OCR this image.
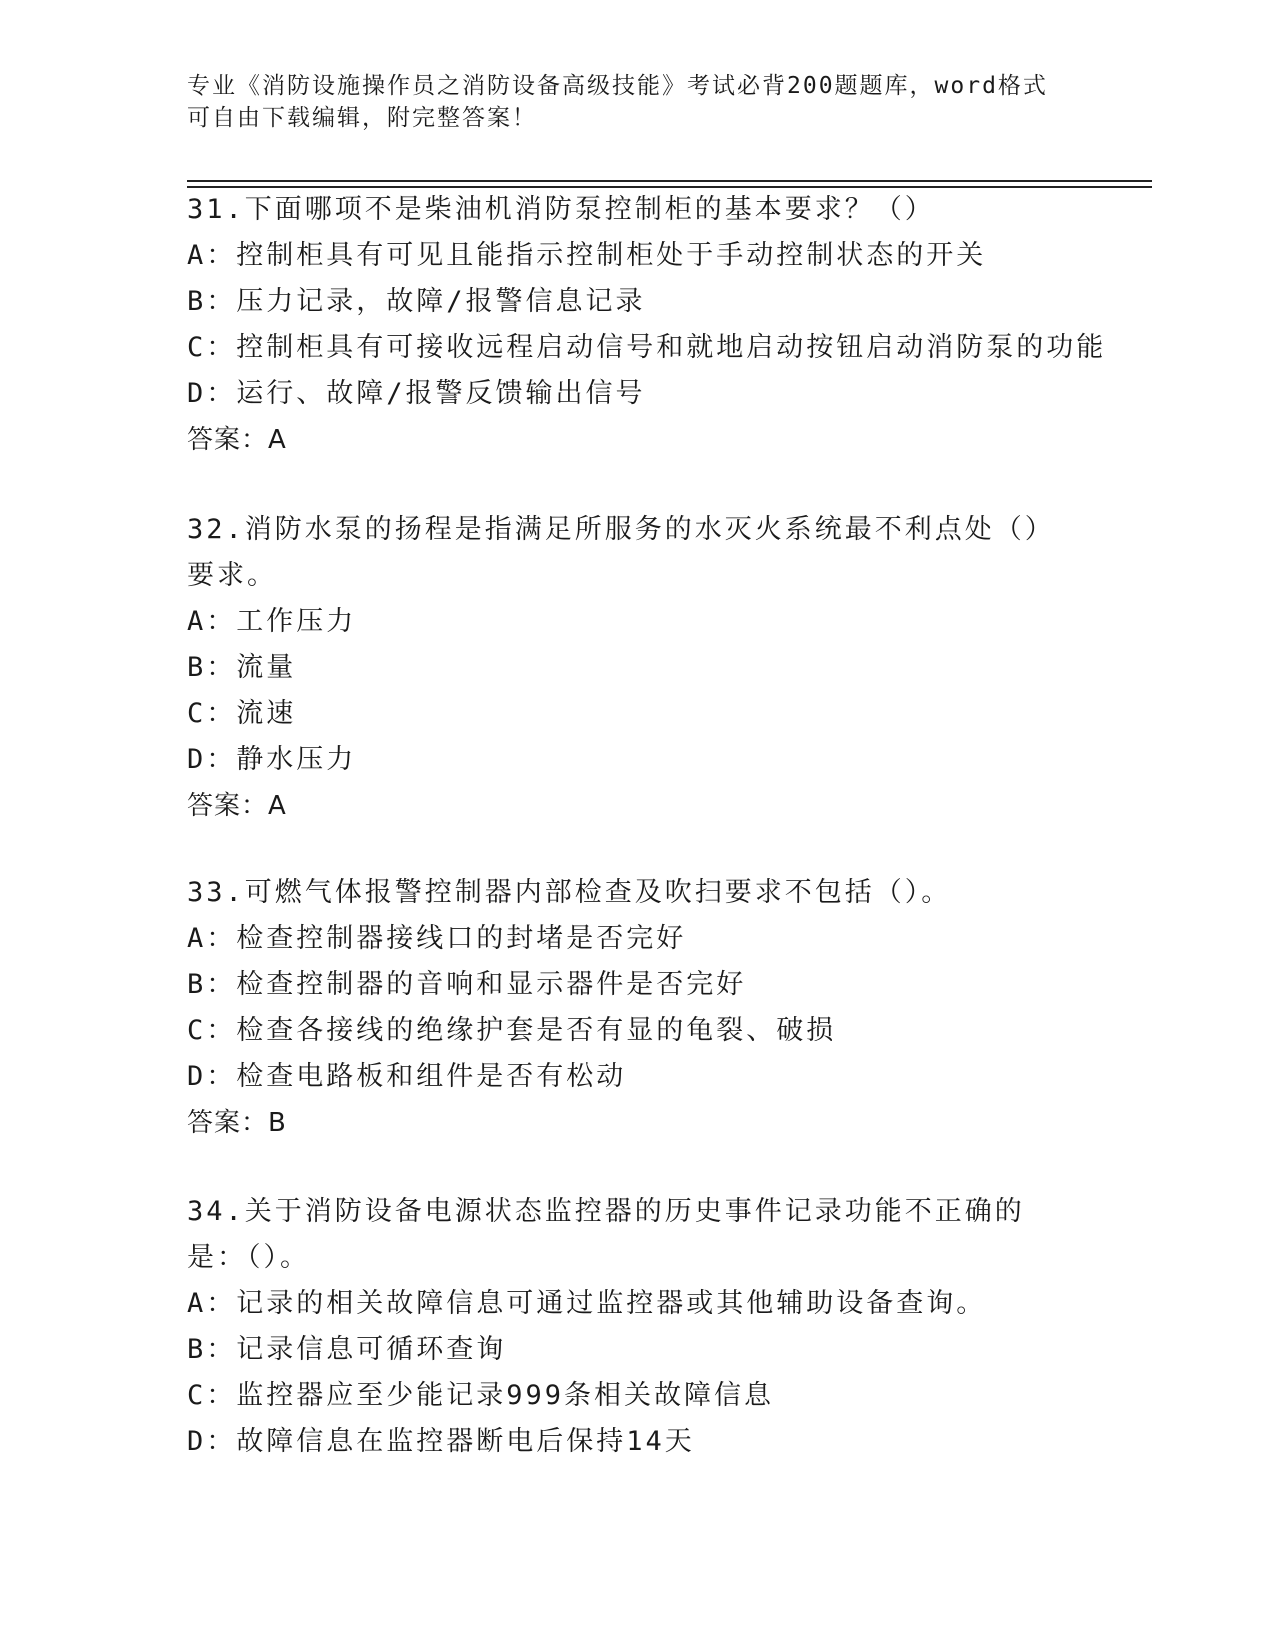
专业《消防设施操作员之消防设备高级技能》考试必背200题题库，word格式可自由下载编辑，附完整答案！
31.下面哪项不是柴油机消防泵控制柜的基本要求？（）
A：控制柜具有可见且能指示控制柜处于手动控制状态的开关
B：压力记录，故障/报警信息记录
C：控制柜具有可接收远程启动信号和就地启动按钮启动消防泵的功能
D：运行、故障/报警反馈输出信号
答案：A
32.消防水泵的扬程是指满足所服务的水灭火系统最不利点处（）要求。
A：工作压力
B：流量
C：流速
D：静水压力
答案：A
33.可燃气体报警控制器内部检查及吹扫要求不包括（）。
A：检查控制器接线口的封堵是否完好
B：检查控制器的音响和显示器件是否完好
C：检查各接线的绝缘护套是否有显的龟裂、破损
D：检查电路板和组件是否有松动
答案：B
34.关于消防设备电源状态监控器的历史事件记录功能不正确的是：（）。
A：记录的相关故障信息可通过监控器或其他辅助设备查询。
B：记录信息可循环查询
C：监控器应至少能记录999条相关故障信息
D：故障信息在监控器断电后保持14天
